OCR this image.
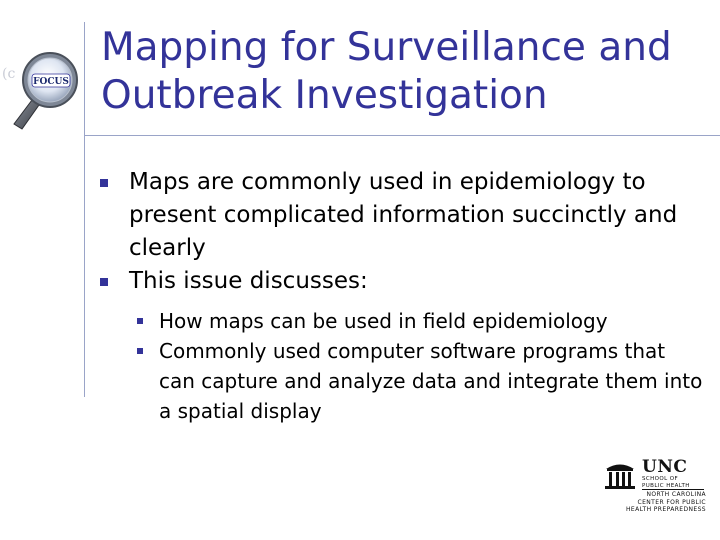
FOCUS
(c
Mapping for Surveillance and
Outbreak Investigation
Maps are commonly used in epidemiology to present complicated information succinctly and clearly
This issue discusses:
How maps can be used in field epidemiology
Commonly used computer software programs that can capture and analyze data and integrate them into a spatial display
UNC
SCHOOL OF
PUBLIC HEALTH
NORTH CAROLINA
CENTER FOR PUBLIC
HEALTH PREPAREDNESS
